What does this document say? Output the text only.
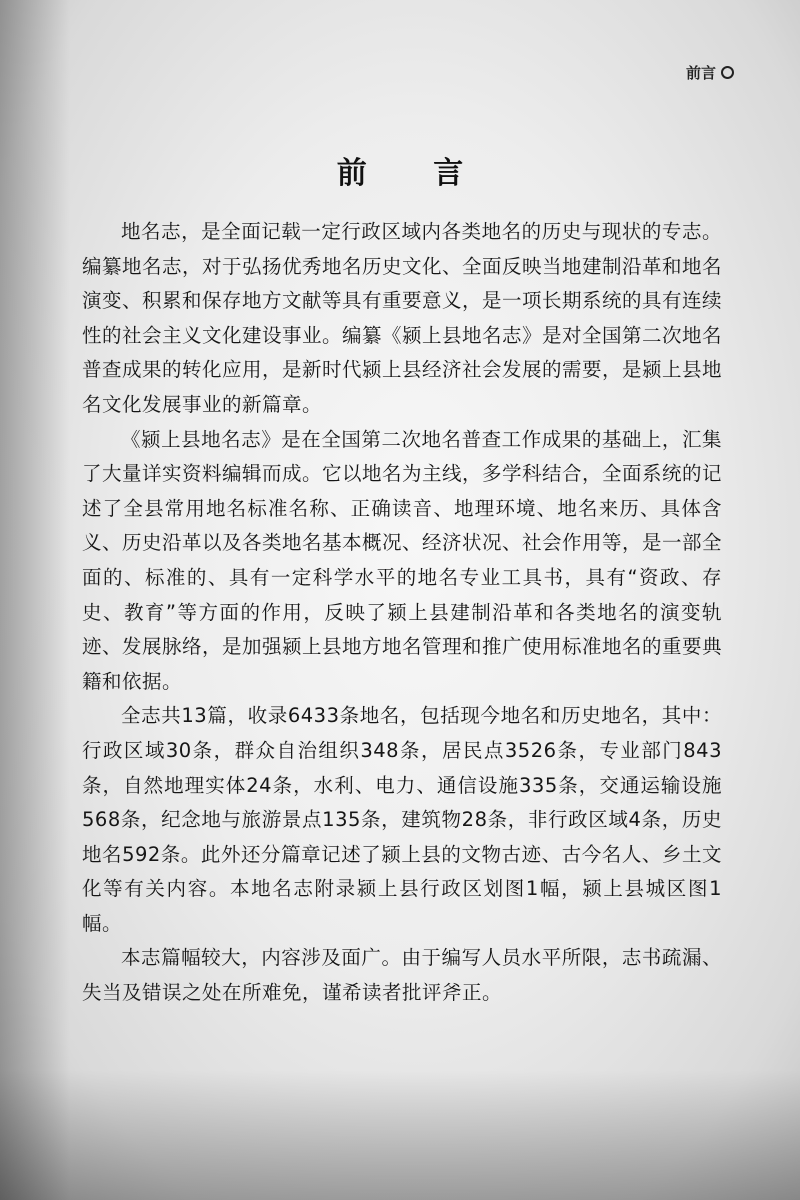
前言
前 言

地名志，是全面记载一定行政区域内各类地名的历史与现状的专志。编纂地名志，对于弘扬优秀地名历史文化、全面反映当地建制沿革和地名演变、积累和保存地方文献等具有重要意义，是一项长期系统的具有连续性的社会主义文化建设事业。编纂《颍上县地名志》是对全国第二次地名普查成果的转化应用，是新时代颍上县经济社会发展的需要，是颍上县地名文化发展事业的新篇章。

《颍上县地名志》是在全国第二次地名普查工作成果的基础上，汇集了大量详实资料编辑而成。它以地名为主线，多学科结合，全面系统的记述了全县常用地名标准名称、正确读音、地理环境、地名来历、具体含义、历史沿革以及各类地名基本概况、经济状况、社会作用等，是一部全面的、标准的、具有一定科学水平的地名专业工具书，具有“资政、存史、教育”等方面的作用，反映了颍上县建制沿革和各类地名的演变轨迹、发展脉络，是加强颍上县地方地名管理和推广使用标准地名的重要典籍和依据。

全志共13篇，收录6433条地名，包括现今地名和历史地名，其中：行政区域30条，群众自治组织348条，居民点3526条，专业部门843条，自然地理实体24条，水利、电力、通信设施335条，交通运输设施568条，纪念地与旅游景点135条，建筑物28条，非行政区域4条，历史地名592条。此外还分篇章记述了颍上县的文物古迹、古今名人、乡土文化等有关内容。本地名志附录颍上县行政区划图1幅，颍上县城区图1幅。

本志篇幅较大，内容涉及面广。由于编写人员水平所限，志书疏漏、失当及错误之处在所难免，谨希读者批评斧正。
